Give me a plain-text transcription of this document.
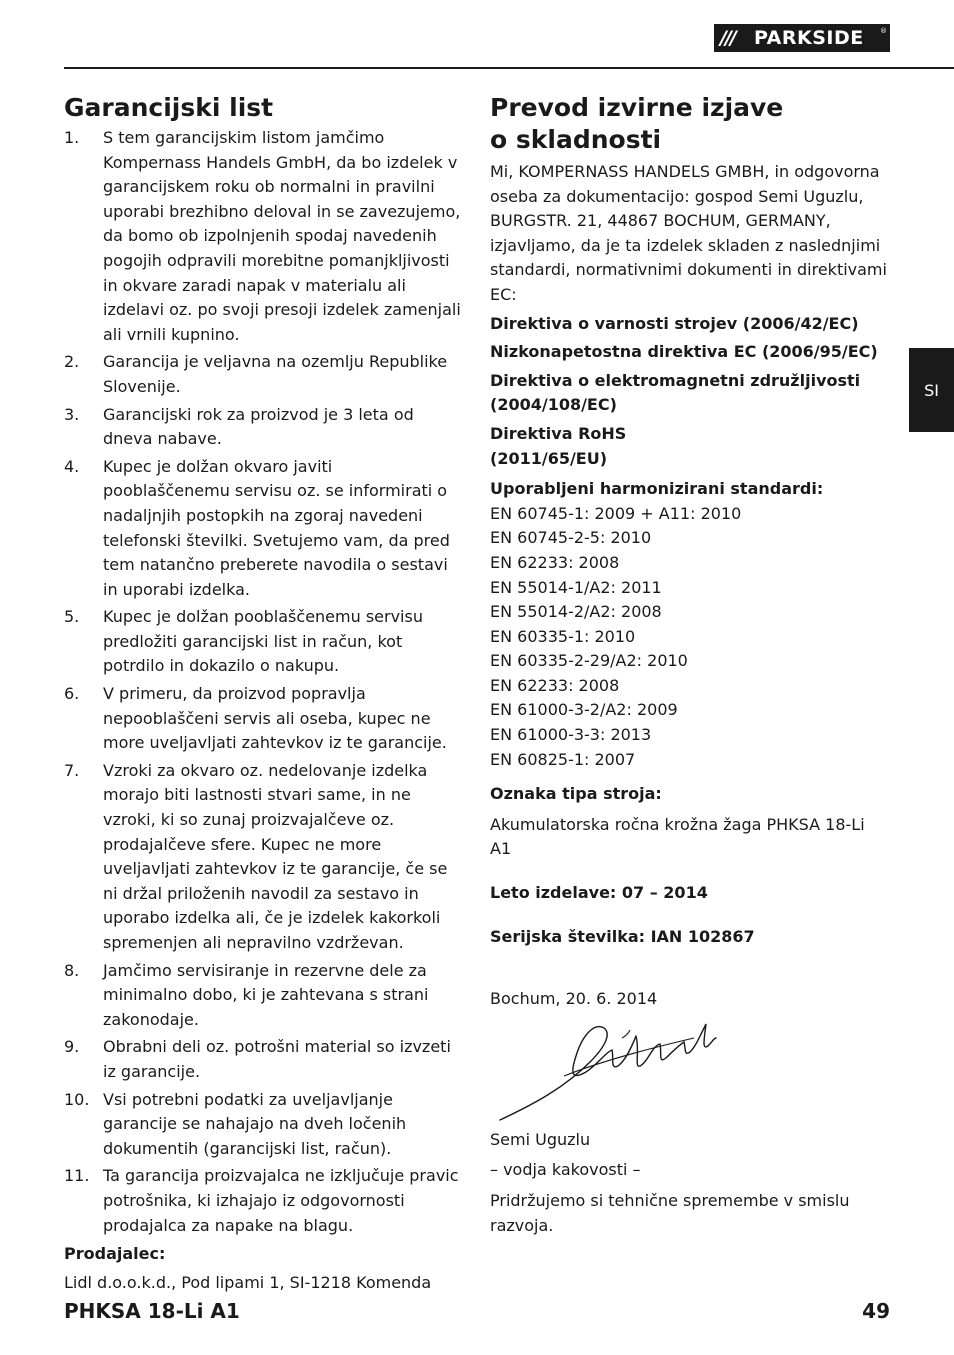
///	PARKSIDE ®
SI
Garancijski list
1. S tem garancijskim listom jamčimo Kompernass Handels GmbH, da bo izdelek v garancijskem roku ob normalni in pravilni uporabi brezhibno deloval in se zavezujemo, da bomo ob izpolnjenih spodaj navedenih pogojih odpravili morebitne pomanjkljivosti in okvare zaradi napak v materialu ali izdelavi oz. po svoji presoji izdelek zamenjali ali vrnili kupnino.
2. Garancija je veljavna na ozemlju Republike Slovenije.
3. Garancijski rok za proizvod je 3 leta od dneva nabave.
4. Kupec je dolžan okvaro javiti pooblaščenemu servisu oz. se informirati o nadaljnjih postopkih na zgoraj navedeni telefonski številki. Svetujemo vam, da pred tem natančno preberete navodila o sestavi in uporabi izdelka.
5. Kupec je dolžan pooblaščenemu servisu predložiti garancijski list in račun, kot potrdilo in dokazilo o nakupu.
6. V primeru, da proizvod popravlja nepooblaščeni servis ali oseba, kupec ne more uveljavljati zahtevkov iz te garancije.
7. Vzroki za okvaro oz. nedelovanje izdelka morajo biti lastnosti stvari same, in ne vzroki, ki so zunaj proizvajalčeve oz. prodajalčeve sfere. Kupec ne more uveljavljati zahtevkov iz te garancije, če se ni držal priloženih navodil za sestavo in uporabo izdelka ali, če je izdelek kakorkoli spremenjen ali nepravilno vzdrževan.
8. Jamčimo servisiranje in rezervne dele za minimalno dobo, ki je zahtevana s strani zakonodaje.
9. Obrabni deli oz. potrošni material so izvzeti iz garancije.
10. Vsi potrebni podatki za uveljavljanje garancije se nahajajo na dveh ločenih dokumentih (garancijski list, račun).
11. Ta garancija proizvajalca ne izključuje pravic potrošnika, ki izhajajo iz odgovornosti prodajalca za napake na blagu.

Prodajalec:

Lidl d.o.o.k.d., Pod lipami 1, SI-1218 Komenda

Prevod izvirne izjave
o skladnosti

Mi, KOMPERNASS HANDELS GMBH, in odgovorna oseba za dokumentacijo: gospod Semi Uguzlu, BURGSTR. 21, 44867 BOCHUM, GERMANY, izjavljamo, da je ta izdelek skladen z naslednjimi standardi, normativnimi dokumenti in direktivami EC:

Direktiva o varnosti strojev (2006/42/EC)

Nizkonapetostna direktiva EC (2006/95/EC)

Direktiva o elektromagnetni združljivosti (2004/108/EC)

Direktiva RoHS (2011/65/EU)

Uporabljeni harmonizirani standardi:

EN 60745-1: 2009 + A11: 2010
EN 60745-2-5: 2010
EN 62233: 2008
EN 55014-1/A2: 2011
EN 55014-2/A2: 2008
EN 60335-1: 2010
EN 60335-2-29/A2: 2010
EN 62233: 2008
EN 61000-3-2/A2: 2009
EN 61000-3-3: 2013
EN 60825-1: 2007

Oznaka tipa stroja:

Akumulatorska ročna krožna žaga PHKSA 18-Li A1

Leto izdelave: 07 – 2014

Serijska številka: IAN 102867

Bochum, 20. 6. 2014

Semi Uguzlu

– vodja kakovosti –

Pridržujemo si tehnične spremembe v smislu razvoja.

PHKSA 18-Li A1	49
